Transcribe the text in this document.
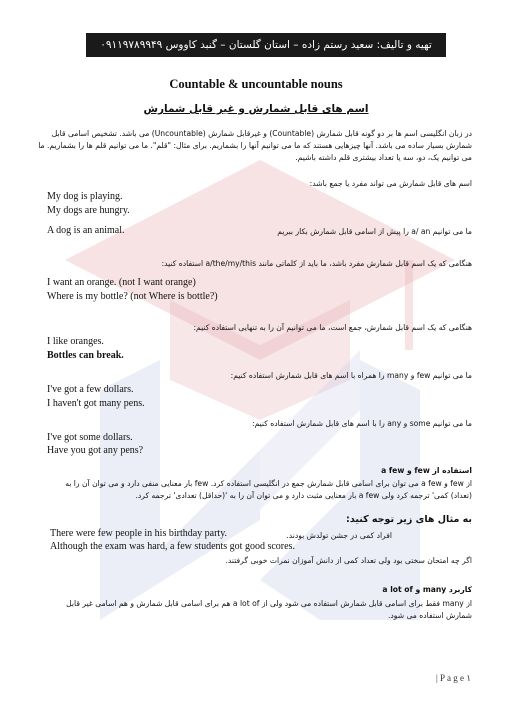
تهیه و تالیف: سعید رستم زاده – استان گلستان – گنبد کاووس ۰۹۱۱۹۷۸۹۹۴۹
Countable & uncountable nouns
اسم های قابل شمارش و غیر قابل شمارش
در زبان انگلیسی اسم ها بر دو گونه قابل شمارش (Countable) و غیرقابل شمارش (Uncountable) می باشد. تشخیص اسامی قابل
شمارش بسیار ساده می باشد. آنها چیزهایی هستند که ما می توانیم آنها را بشماریم. برای مثال: "قلم". ما می توانیم قلم ها را بشماریم. ما
می توانیم یک، دو، سه یا تعداد بیشتری قلم داشته باشیم.
اسم های قابل شمارش می تواند مفرد یا جمع باشد:
My dog is playing.
My dogs are hungry.
A dog is an animal.	ما می توانیم a/ an را پیش از اسامی قابل شمارش بکار ببریم
هنگامی که یک اسم قابل شمارش مفرد باشد، ما باید از کلماتی مانند a/the/my/this استفاده کنید:
I want an orange. (not I want orange)
Where is my bottle? (not Where is bottle?)
هنگامی که یک اسم قابل شمارش، جمع است، ما می توانیم آن را به تنهایی استفاده کنیم:
I like oranges.
Bottles can break.
ما می توانیم few و many را همراه با اسم های قابل شمارش استفاده کنیم:
I've got a few dollars.
I haven't got many pens.
ما می توانیم some و any را با اسم های قابل شمارش استفاده کنیم:
I've got some dollars.
Have you got any pens?
استفاده از few و a few
از few و a few می توان برای اسامی قابل شمارش جمع در انگلیسی استفاده کرد. few بار معنایی منفی دارد و می توان آن را به
(تعداد) کمی' ترجمه کرد ولی a few بار معنایی مثبت دارد و می توان آن را به '(حداقل) تعدادی' ترجمه کرد.
به مثال های زیر توجه کنید:
There were few people in his birthday party.	افراد کمی در جشن تولدش بودند.
Although the exam was hard, a few students got good scores.
اگر چه امتحان سختی بود ولی تعداد کمی از دانش آموزان نمرات خوبی گرفتند.
کاربرد many و a lot of
از many فقط برای اسامی قابل شمارش استفاده می شود ولی از a lot of هم برای اسامی قابل شمارش و هم اسامی غیر قابل
شمارش استفاده می شود.
| P a g e ۱
